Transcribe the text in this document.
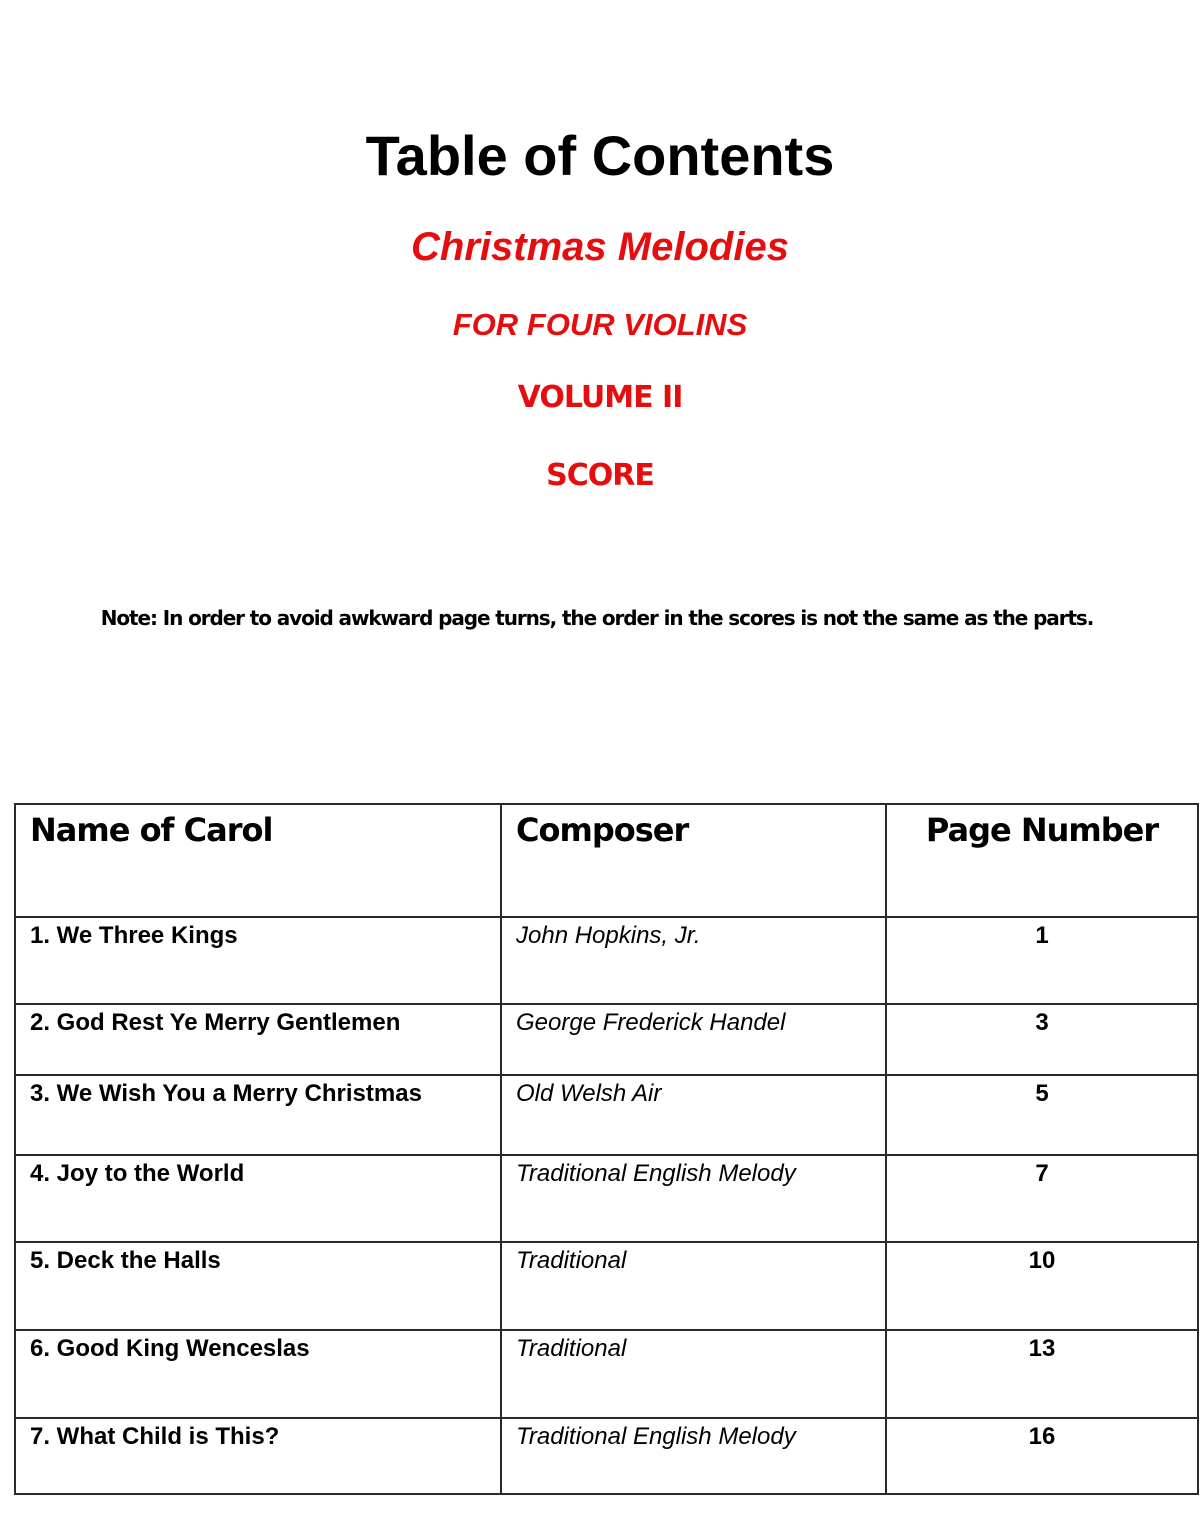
Table of Contents
Christmas Melodies
FOR FOUR VIOLINS
VOLUME II
SCORE
Note: In order to avoid awkward page turns, the order in the scores is not the same as the parts.
Name of Carol	Composer	Page Number
1. We Three Kings	John Hopkins, Jr.	1
2. God Rest Ye Merry Gentlemen	George Frederick Handel	3
3. We Wish You a Merry Christmas	Old Welsh Air	5
4. Joy to the World	Traditional English Melody	7
5. Deck the Halls	Traditional	10
6. Good King Wenceslas	Traditional	13
7. What Child is This?	Traditional English Melody	16
